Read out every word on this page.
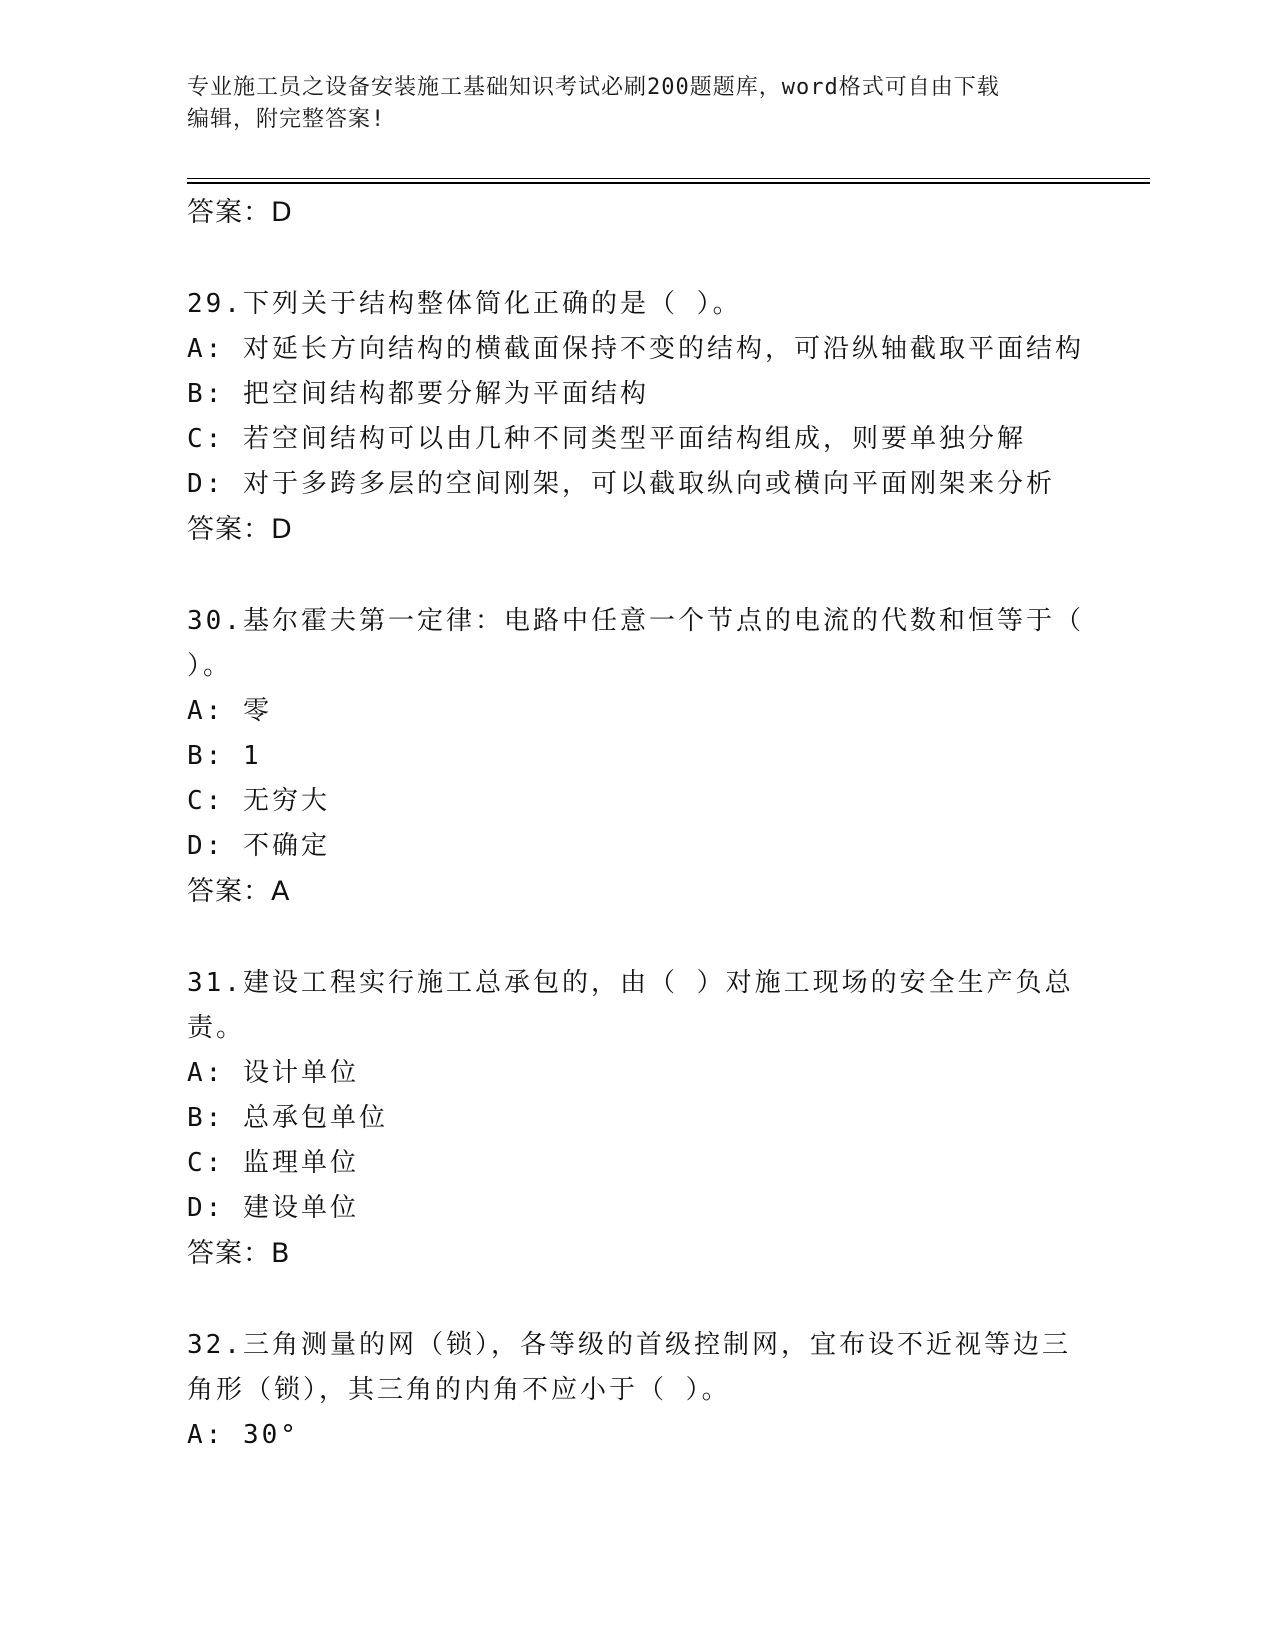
专业施工员之设备安装施工基础知识考试必刷200题题库，word格式可自由下载
编辑，附完整答案!
答案：D
29.下列关于结构整体简化正确的是（ ）。
A: 对延长方向结构的横截面保持不变的结构，可沿纵轴截取平面结构
B: 把空间结构都要分解为平面结构
C: 若空间结构可以由几种不同类型平面结构组成，则要单独分解
D: 对于多跨多层的空间刚架，可以截取纵向或横向平面刚架来分析
答案：D
30.基尔霍夫第一定律：电路中任意一个节点的电流的代数和恒等于（
）。
A: 零
B: 1
C: 无穷大
D: 不确定
答案：A
31.建设工程实行施工总承包的，由（ ）对施工现场的安全生产负总
责。
A: 设计单位
B: 总承包单位
C: 监理单位
D: 建设单位
答案：B
32.三角测量的网（锁），各等级的首级控制网，宜布设不近视等边三
角形（锁），其三角的内角不应小于（ ）。
A: 30°
